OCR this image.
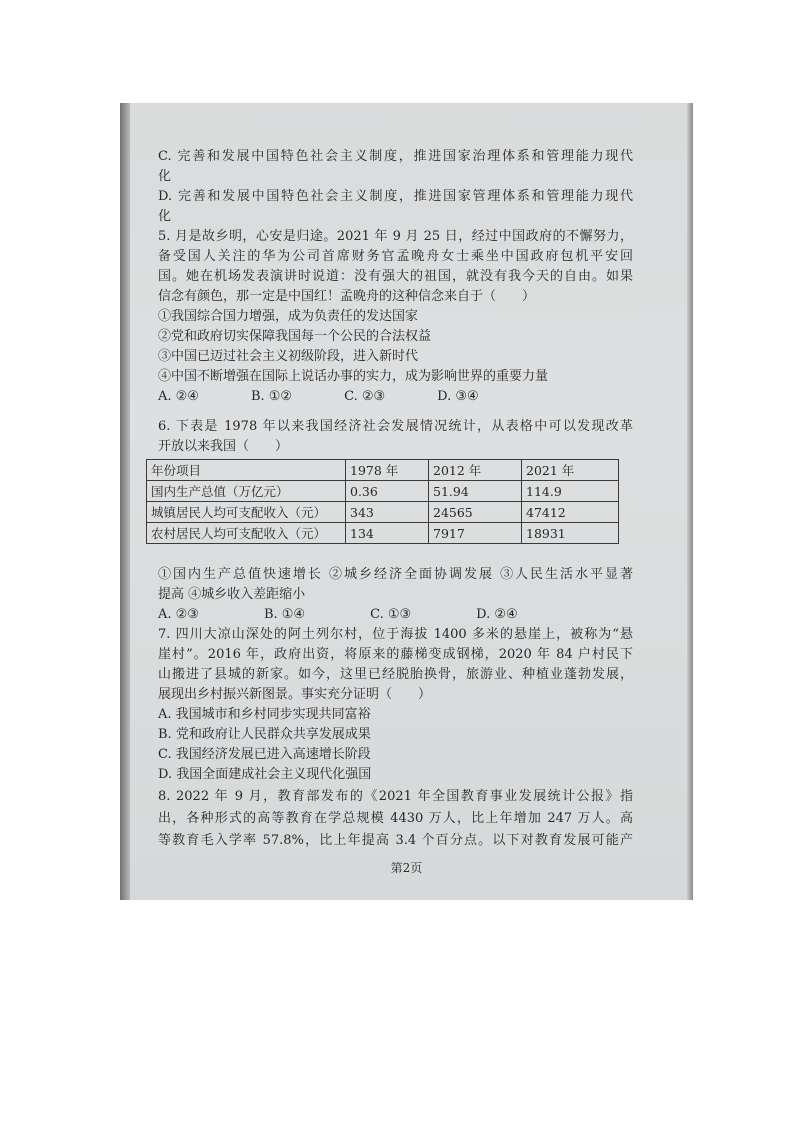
C. 完善和发展中国特色社会主义制度，推进国家治理体系和管理能力现代
化
D. 完善和发展中国特色社会主义制度，推进国家管理体系和管理能力现代
化
5. 月是故乡明，心安是归途。2021 年 9 月 25 日，经过中国政府的不懈努力，
备受国人关注的华为公司首席财务官孟晚舟女士乘坐中国政府包机平安回
国。她在机场发表演讲时说道：没有强大的祖国，就没有我今天的自由。如果
信念有颜色，那一定是中国红！孟晚舟的这种信念来自于（　　）
①我国综合国力增强，成为负责任的发达国家
②党和政府切实保障我国每一个公民的合法权益
③中国已迈过社会主义初级阶段，进入新时代
④中国不断增强在国际上说话办事的实力，成为影响世界的重要力量
A. ②④　　　　B. ①②　　　　C. ②③　　　　D. ③④
6. 下表是 1978 年以来我国经济社会发展情况统计，从表格中可以发现改革
开放以来我国（　　）
年份项目	1978 年	2012 年	2021 年
国内生产总值（万亿元）	0.36	51.94	114.9
城镇居民人均可支配收入（元）	343	24565	47412
农村居民人均可支配收入（元）	134	7917	18931
①国内生产总值快速增长 ②城乡经济全面协调发展 ③人民生活水平显著
提高 ④城乡收入差距缩小
A. ②③　　　　　B. ①④　　　　　C. ①③　　　　　D. ②④
7. 四川大凉山深处的阿土列尔村，位于海拔 1400 多米的悬崖上，被称为“悬
崖村”。2016 年，政府出资，将原来的藤梯变成钢梯，2020 年 84 户村民下
山搬进了县城的新家。如今，这里已经脱胎换骨，旅游业、种植业蓬勃发展，
展现出乡村振兴新图景。事实充分证明（　　）
A. 我国城市和乡村同步实现共同富裕
B. 党和政府让人民群众共享发展成果
C. 我国经济发展已进入高速增长阶段
D. 我国全面建成社会主义现代化强国
8. 2022 年 9 月，教育部发布的《2021 年全国教育事业发展统计公报》指
出，各种形式的高等教育在学总规模 4430 万人，比上年增加 247 万人。高
等教育毛入学率 57.8%，比上年提高 3.4 个百分点。以下对教育发展可能产
第2页
